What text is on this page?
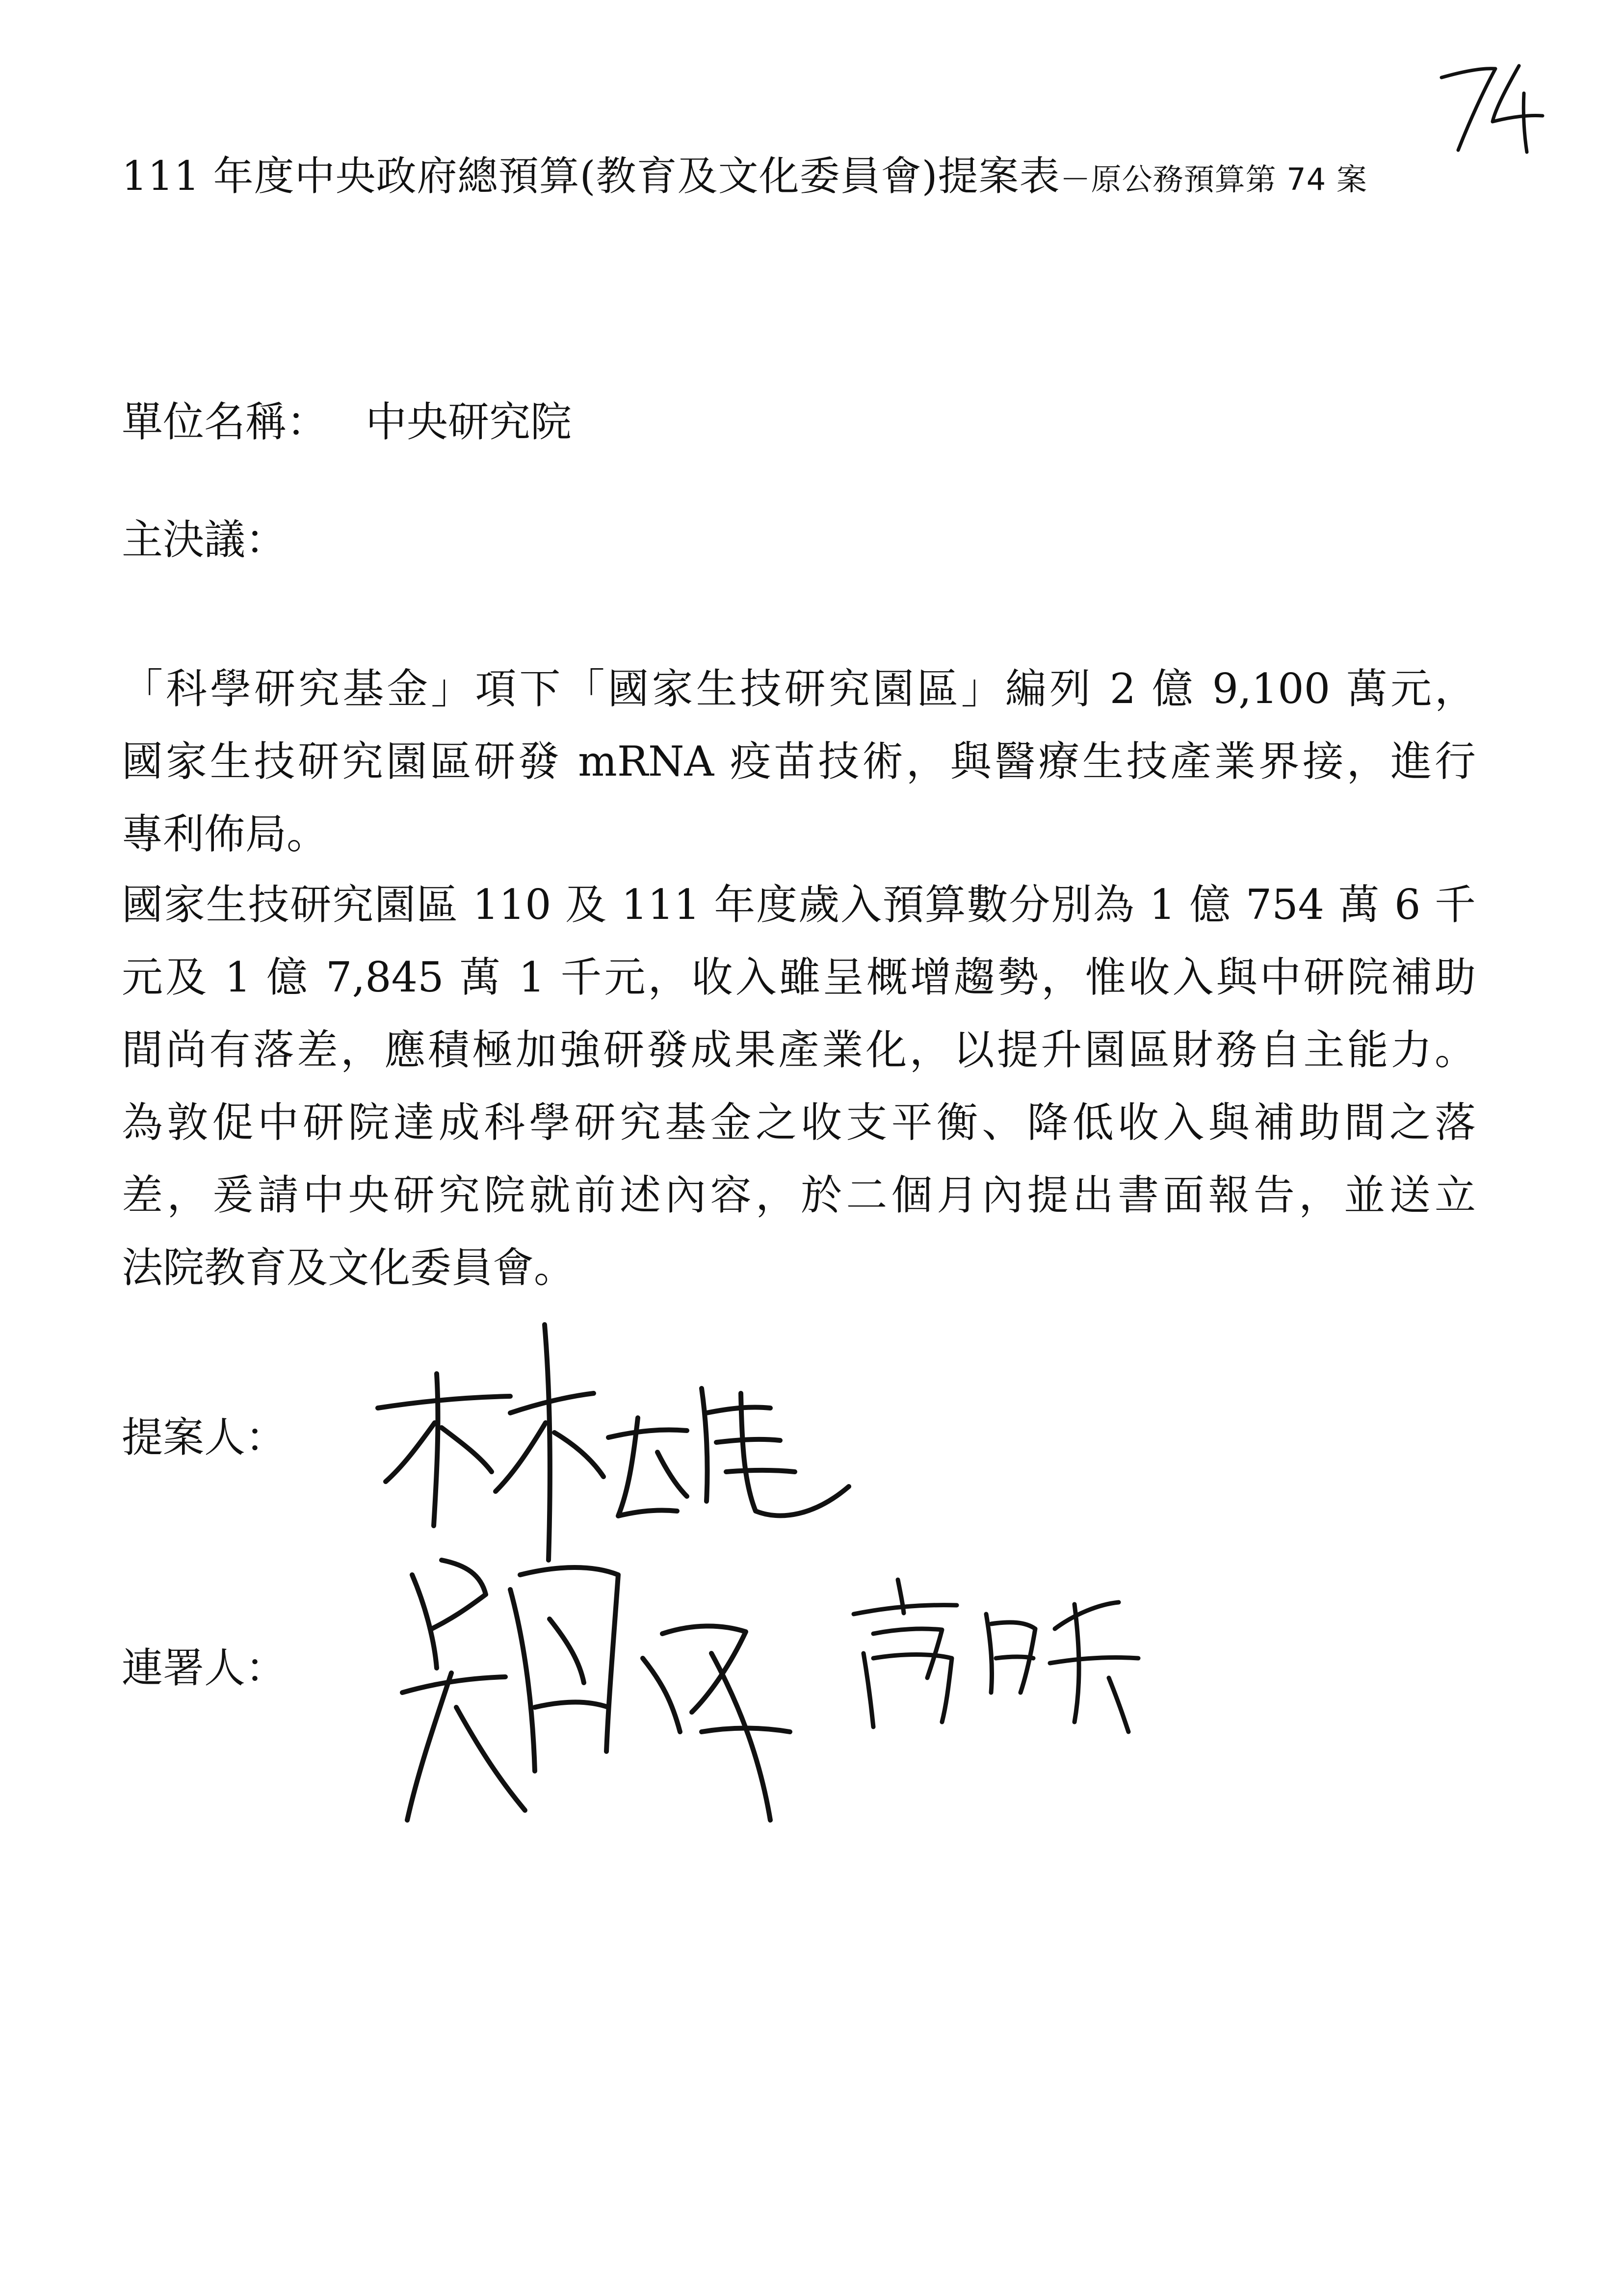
111 年度中央政府總預算(教育及文化委員會)提案表－原公務預算第 74 案
單位名稱： 中央研究院
主決議：
「科學研究基金」項下「國家生技研究園區」編列 2 億 9,100 萬元，
國家生技研究園區研發 mRNA 疫苗技術，與醫療生技產業界接，進行
專利佈局。
國家生技研究園區 110 及 111 年度歲入預算數分別為 1 億 754 萬 6 千
元及 1 億 7,845 萬 1 千元，收入雖呈概增趨勢，惟收入與中研院補助
間尚有落差，應積極加強研發成果產業化，以提升園區財務自主能力。
為敦促中研院達成科學研究基金之收支平衡、降低收入與補助間之落
差，爰請中央研究院就前述內容，於二個月內提出書面報告，並送立
法院教育及文化委員會。
提案人：
連署人：
